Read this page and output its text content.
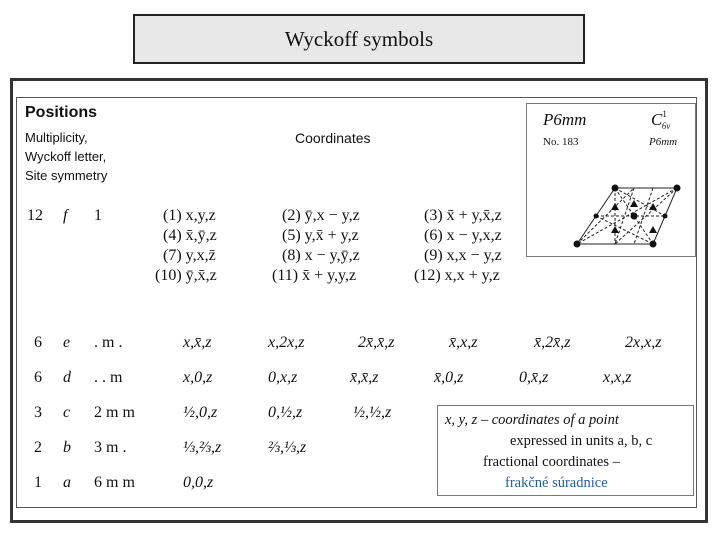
Wyckoff symbols
Positions
Multiplicity,
Wyckoff letter,
Site symmetry
Coordinates
12 f 1	(1) x,y,z	(2) ȳ,x − y,z	(3) x̄ + y,x̄,z
(4) x̄,ȳ,z	(5) y,x̄ + y,z	(6) x − y,x,z
(7) y,x,z̄	(8) x − y,ȳ,z	(9) x,x − y,z
(10) ȳ,x̄,z	(11) x̄ + y,y,z	(12) x,x + y,z
6 e . m .	x,x̄,z	x,2x,z	2x̄,x̄,z	x̄,x,z	x̄,2x̄,z	2x,x,z
6 d . . m	x,0,z	0,x,z	x̄,x̄,z	x̄,0,z	0,x̄,z	x,x,z
3 c 2 m m	½,0,z	0,½,z	½,½,z
2 b 3 m .	⅓,⅔,z	⅔,⅓,z
1 a 6 m m	0,0,z
P6mm	$C^1_{6v}$
No. 183	P6mm
x, y, z – coordinates of a point
expressed in units a, b, c
fractional coordinates –
frakčné súradnice
